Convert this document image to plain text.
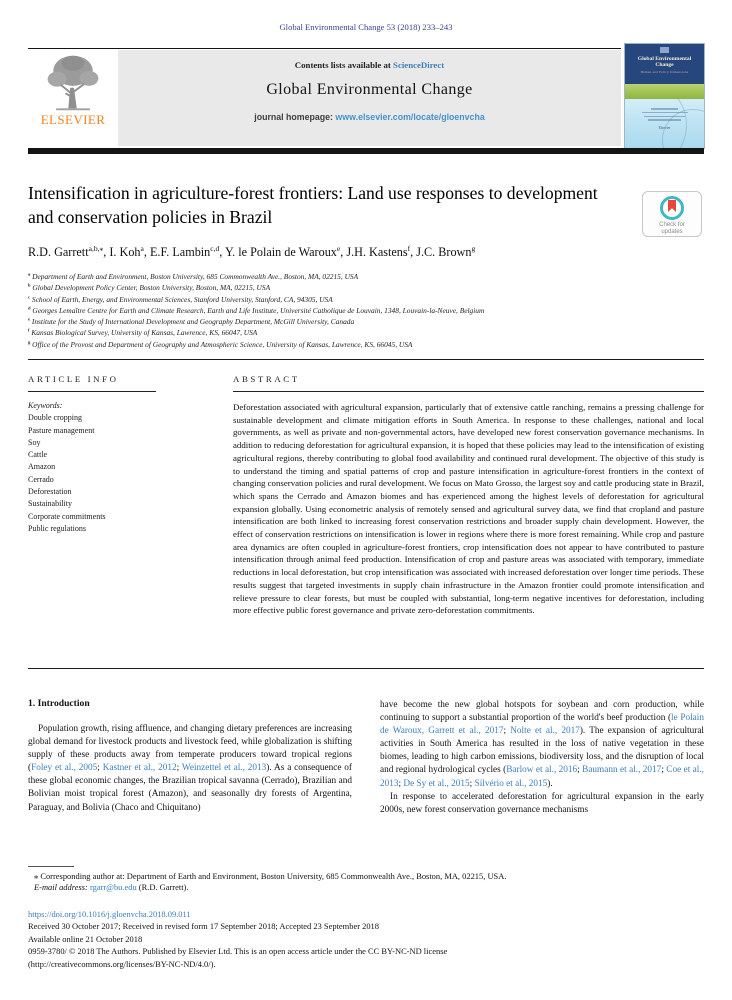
Global Environmental Change 53 (2018) 233–243
ELSEVIER
Contents lists available at ScienceDirect
Global Environmental Change
journal homepage: www.elsevier.com/locate/gloenvcha
Global Environmental Change
Human and Policy Dimensions
Elsevier
Intensification in agriculture-forest frontiers: Land use responses to development and conservation policies in Brazil	Check for updates
R.D. Garrett$^{a,b,⁎}$, I. Koh$^a$, E.F. Lambin$^{c,d}$, Y. le Polain de Waroux$^e$, J.H. Kastens$^f$, J.C. Brown$^g$
$^a$ Department of Earth and Environment, Boston University, 685 Commonwealth Ave., Boston, MA, 02215, USA
$^b$ Global Development Policy Center, Boston University, Boston, MA, 02215, USA
$^c$ School of Earth, Energy, and Environmental Sciences, Stanford University, Stanford, CA, 94305, USA
$^d$ Georges Lemaître Centre for Earth and Climate Research, Earth and Life Institute, Université Catholique de Louvain, 1348, Louvain-la-Neuve, Belgium
$^e$ Institute for the Study of International Development and Geography Department, McGill University, Canada
$^f$ Kansas Biological Survey, University of Kansas, Lawrence, KS, 66047, USA
$^g$ Office of the Provost and Department of Geography and Atmospheric Science, University of Kansas, Lawrence, KS, 66045, USA
ARTICLE INFO
Keywords:
Double cropping
Pasture management
Soy
Cattle
Amazon
Cerrado
Deforestation
Sustainability
Corporate commitments
Public regulations
ABSTRACT
Deforestation associated with agricultural expansion, particularly that of extensive cattle ranching, remains a pressing challenge for sustainable development and climate mitigation efforts in South America. In response to these challenges, national and local governments, as well as private and non-governmental actors, have developed new forest conservation governance mechanisms. In addition to reducing deforestation for agricultural expansion, it is hoped that these policies may lead to the intensification of existing agricultural regions, thereby contributing to global food availability and continued rural development. The objective of this study is to understand the timing and spatial patterns of crop and pasture intensification in agriculture-forest frontiers in the context of changing conservation policies and rural development. We focus on Mato Grosso, the largest soy and cattle producing state in Brazil, which spans the Cerrado and Amazon biomes and has experienced among the highest levels of deforestation for agricultural expansion globally. Using econometric analysis of remotely sensed and agricultural survey data, we find that cropland and pasture intensification are both linked to increasing forest conservation restrictions and broader supply chain development. However, the effect of conservation restrictions on intensification is lower in regions where there is more forest remaining. While crop and pasture area dynamics are often coupled in agriculture-forest frontiers, crop intensification does not appear to have contributed to pasture intensification through animal feed production. Intensification of crop and pasture areas was associated with temporary, immediate reductions in local deforestation, but crop intensification was associated with increased deforestation over longer time periods. These results suggest that targeted investments in supply chain infrastructure in the Amazon frontier could promote intensification and relieve pressure to clear forests, but must be coupled with substantial, long-term negative incentives for deforestation, including more effective public forest governance and private zero-deforestation commitments.
1. Introduction

Population growth, rising affluence, and changing dietary preferences are increasing global demand for livestock products and livestock feed, while globalization is shifting supply of these products away from temperate producers toward tropical regions (Foley et al., 2005; Kastner et al., 2012; Weinzettel et al., 2013). As a consequence of these global economic changes, the Brazilian tropical savanna (Cerrado), Brazilian and Bolivian moist tropical forest (Amazon), and seasonally dry forests of Argentina, Paraguay, and Bolivia (Chaco and Chiquitano)

have become the new global hotspots for soybean and corn production, while continuing to support a substantial proportion of the world's beef production (le Polain de Waroux, Garrett et al., 2017; Nolte et al., 2017). The expansion of agricultural activities in South America has resulted in the loss of native vegetation in these biomes, leading to high carbon emissions, biodiversity loss, and the disruption of local and regional hydrological cycles (Barlow et al., 2016; Baumann et al., 2017; Coe et al., 2013; De Sy et al., 2015; Silvério et al., 2015).

In response to accelerated deforestation for agricultural expansion in the early 2000s, new forest conservation governance mechanisms

⁎ Corresponding author at: Department of Earth and Environment, Boston University, 685 Commonwealth Ave., Boston, MA, 02215, USA.
E-mail address: rgarr@bu.edu (R.D. Garrett).
https://doi.org/10.1016/j.gloenvcha.2018.09.011
Received 30 October 2017; Received in revised form 17 September 2018; Accepted 23 September 2018
Available online 21 October 2018
0959-3780/ © 2018 The Authors. Published by Elsevier Ltd. This is an open access article under the CC BY-NC-ND license
(http://creativecommons.org/licenses/BY-NC-ND/4.0/).
